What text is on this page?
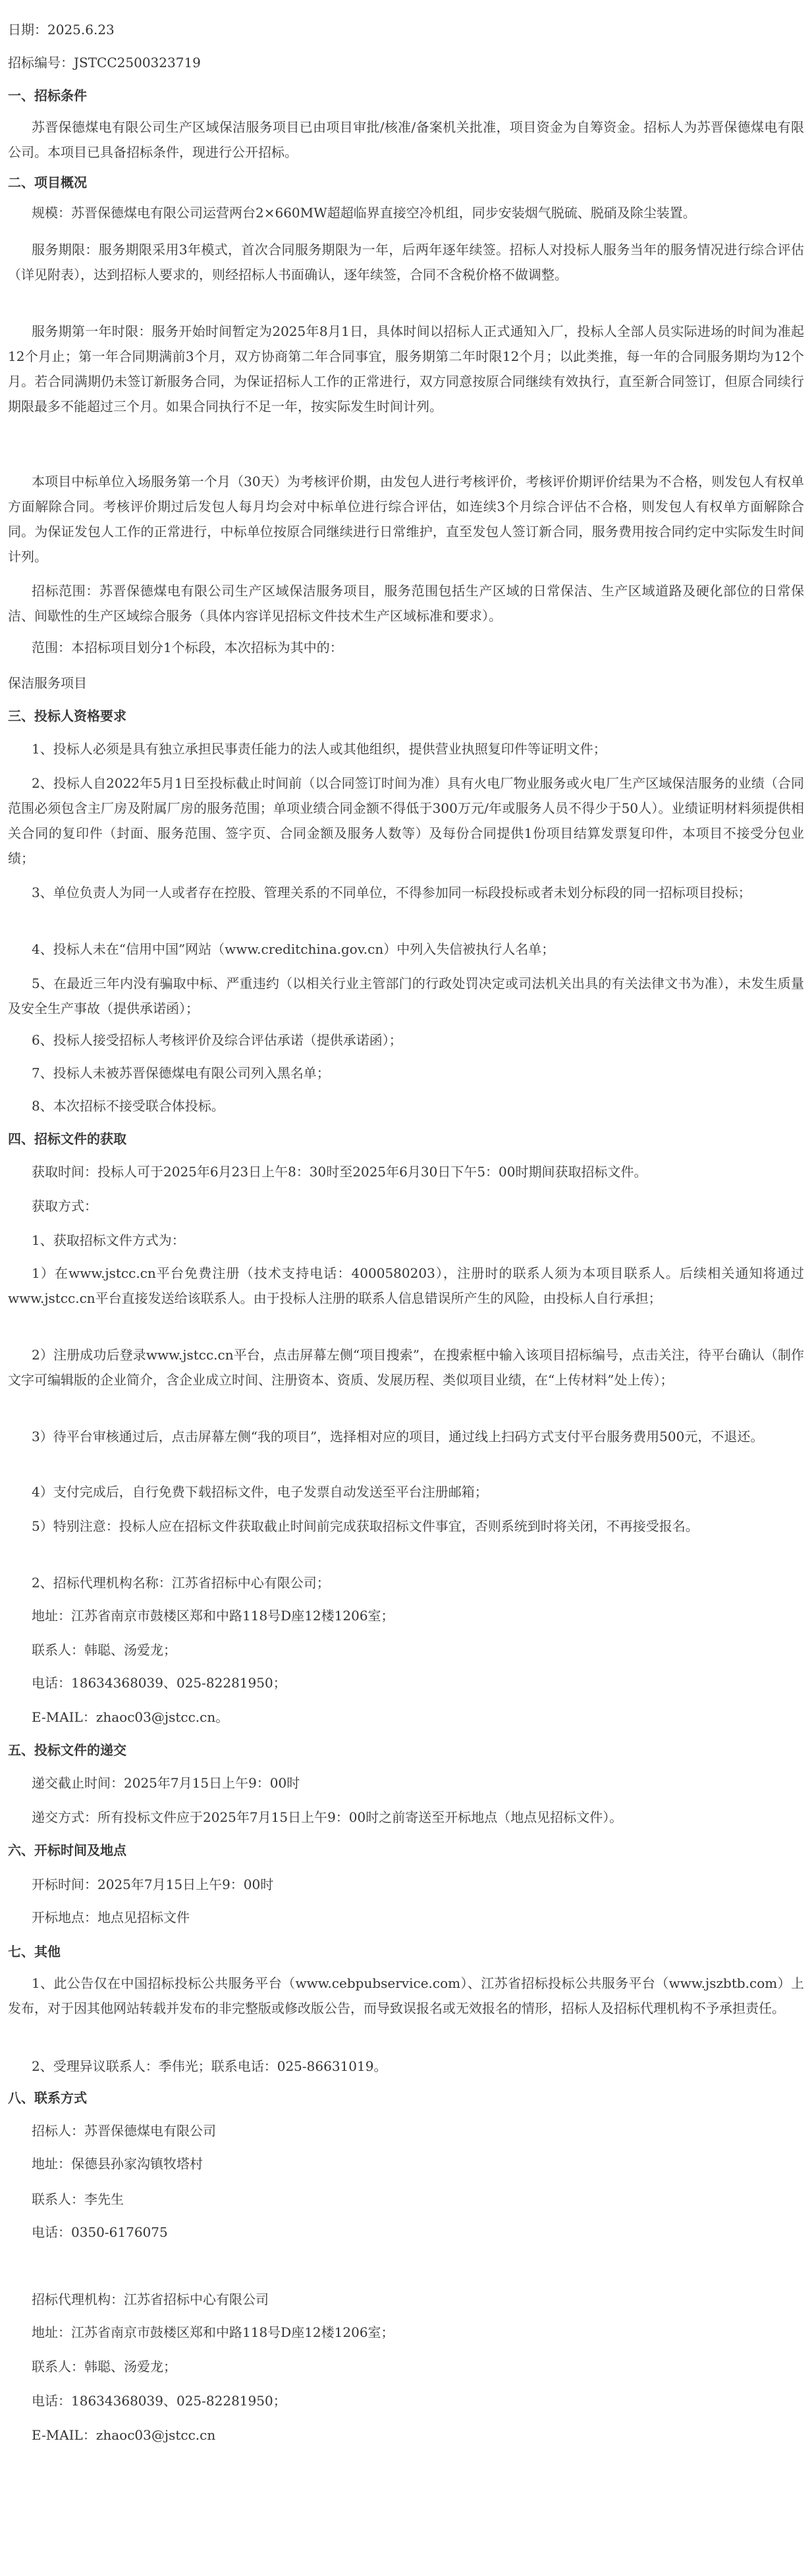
日期：2025.6.23
招标编号：JSTCC2500323719
一、招标条件

苏晋保德煤电有限公司生产区域保洁服务项目已由项目审批/核准/备案机关批准，项目资金为自筹资金。招标人为苏晋保德煤电有限公司。本项目已具备招标条件，现进行公开招标。

二、项目概况

规模：苏晋保德煤电有限公司运营两台2×660MW超超临界直接空冷机组，同步安装烟气脱硫、脱硝及除尘装置。

服务期限：服务期限采用3年模式，首次合同服务期限为一年，后两年逐年续签。招标人对投标人服务当年的服务情况进行综合评估（详见附表），达到招标人要求的，则经招标人书面确认，逐年续签，合同不含税价格不做调整。

服务期第一年时限：服务开始时间暂定为2025年8月1日，具体时间以招标人正式通知入厂，投标人全部人员实际进场的时间为准起12个月止；第一年合同期满前3个月，双方协商第二年合同事宜，服务期第二年时限12个月；以此类推，每一年的合同服务期均为12个月。若合同满期仍未签订新服务合同，为保证招标人工作的正常进行，双方同意按原合同继续有效执行，直至新合同签订，但原合同续行期限最多不能超过三个月。如果合同执行不足一年，按实际发生时间计列。

本项目中标单位入场服务第一个月（30天）为考核评价期，由发包人进行考核评价，考核评价期评价结果为不合格，则发包人有权单方面解除合同。考核评价期过后发包人每月均会对中标单位进行综合评估，如连续3个月综合评估不合格，则发包人有权单方面解除合同。为保证发包人工作的正常进行，中标单位按原合同继续进行日常维护，直至发包人签订新合同，服务费用按合同约定中实际发生时间计列。

招标范围：苏晋保德煤电有限公司生产区域保洁服务项目，服务范围包括生产区域的日常保洁、生产区域道路及硬化部位的日常保洁、间歇性的生产区域综合服务（具体内容详见招标文件技术生产区域标准和要求）。

范围：本招标项目划分1个标段，本次招标为其中的：

保洁服务项目
三、投标人资格要求

1、投标人必须是具有独立承担民事责任能力的法人或其他组织，提供营业执照复印件等证明文件；

2、投标人自2022年5月1日至投标截止时间前（以合同签订时间为准）具有火电厂物业服务或火电厂生产区域保洁服务的业绩（合同范围必须包含主厂房及附属厂房的服务范围；单项业绩合同金额不得低于300万元/年或服务人员不得少于50人）。业绩证明材料须提供相关合同的复印件（封面、服务范围、签字页、合同金额及服务人数等）及每份合同提供1份项目结算发票复印件，本项目不接受分包业绩；

3、单位负责人为同一人或者存在控股、管理关系的不同单位，不得参加同一标段投标或者未划分标段的同一招标项目投标；

4、投标人未在“信用中国”网站（www.creditchina.gov.cn）中列入失信被执行人名单；

5、在最近三年内没有骗取中标、严重违约（以相关行业主管部门的行政处罚决定或司法机关出具的有关法律文书为准），未发生质量及安全生产事故（提供承诺函）；

6、投标人接受招标人考核评价及综合评估承诺（提供承诺函）；

7、投标人未被苏晋保德煤电有限公司列入黑名单；

8、本次招标不接受联合体投标。

四、招标文件的获取

获取时间：投标人可于2025年6月23日上午8：30时至2025年6月30日下午5：00时期间获取招标文件。

获取方式：

1、获取招标文件方式为：

1）在www.jstcc.cn平台免费注册（技术支持电话：4000580203），注册时的联系人须为本项目联系人。后续相关通知将通过www.jstcc.cn平台直接发送给该联系人。由于投标人注册的联系人信息错误所产生的风险，由投标人自行承担；

2）注册成功后登录www.jstcc.cn平台，点击屏幕左侧“项目搜索”，在搜索框中输入该项目招标编号，点击关注，待平台确认（制作文字可编辑版的企业简介，含企业成立时间、注册资本、资质、发展历程、类似项目业绩，在“上传材料”处上传）；

3）待平台审核通过后，点击屏幕左侧“我的项目”，选择相对应的项目，通过线上扫码方式支付平台服务费用500元，不退还。

4）支付完成后，自行免费下载招标文件，电子发票自动发送至平台注册邮箱；

5）特别注意：投标人应在招标文件获取截止时间前完成获取招标文件事宜，否则系统到时将关闭，不再接受报名。

2、招标代理机构名称：江苏省招标中心有限公司；

地址：江苏省南京市鼓楼区郑和中路118号D座12楼1206室；

联系人：韩聪、汤爱龙；

电话：18634368039、025-82281950；

E-MAIL：zhaoc03@jstcc.cn。

五、投标文件的递交

递交截止时间：2025年7月15日上午9：00时

递交方式：所有投标文件应于2025年7月15日上午9：00时之前寄送至开标地点（地点见招标文件）。

六、开标时间及地点

开标时间：2025年7月15日上午9：00时

开标地点：地点见招标文件

七、其他

1、此公告仅在中国招标投标公共服务平台（www.cebpubservice.com）、江苏省招标投标公共服务平台（www.jszbtb.com）上发布，对于因其他网站转载并发布的非完整版或修改版公告，而导致误报名或无效报名的情形，招标人及招标代理机构不予承担责任。

2、受理异议联系人：季伟光；联系电话：025-86631019。

八、联系方式

招标人：苏晋保德煤电有限公司

地址：保德县孙家沟镇牧塔村

联系人：李先生

电话：0350-6176075

招标代理机构：江苏省招标中心有限公司

地址：江苏省南京市鼓楼区郑和中路118号D座12楼1206室；

联系人：韩聪、汤爱龙；

电话：18634368039、025-82281950；

E-MAIL：zhaoc03@jstcc.cn
